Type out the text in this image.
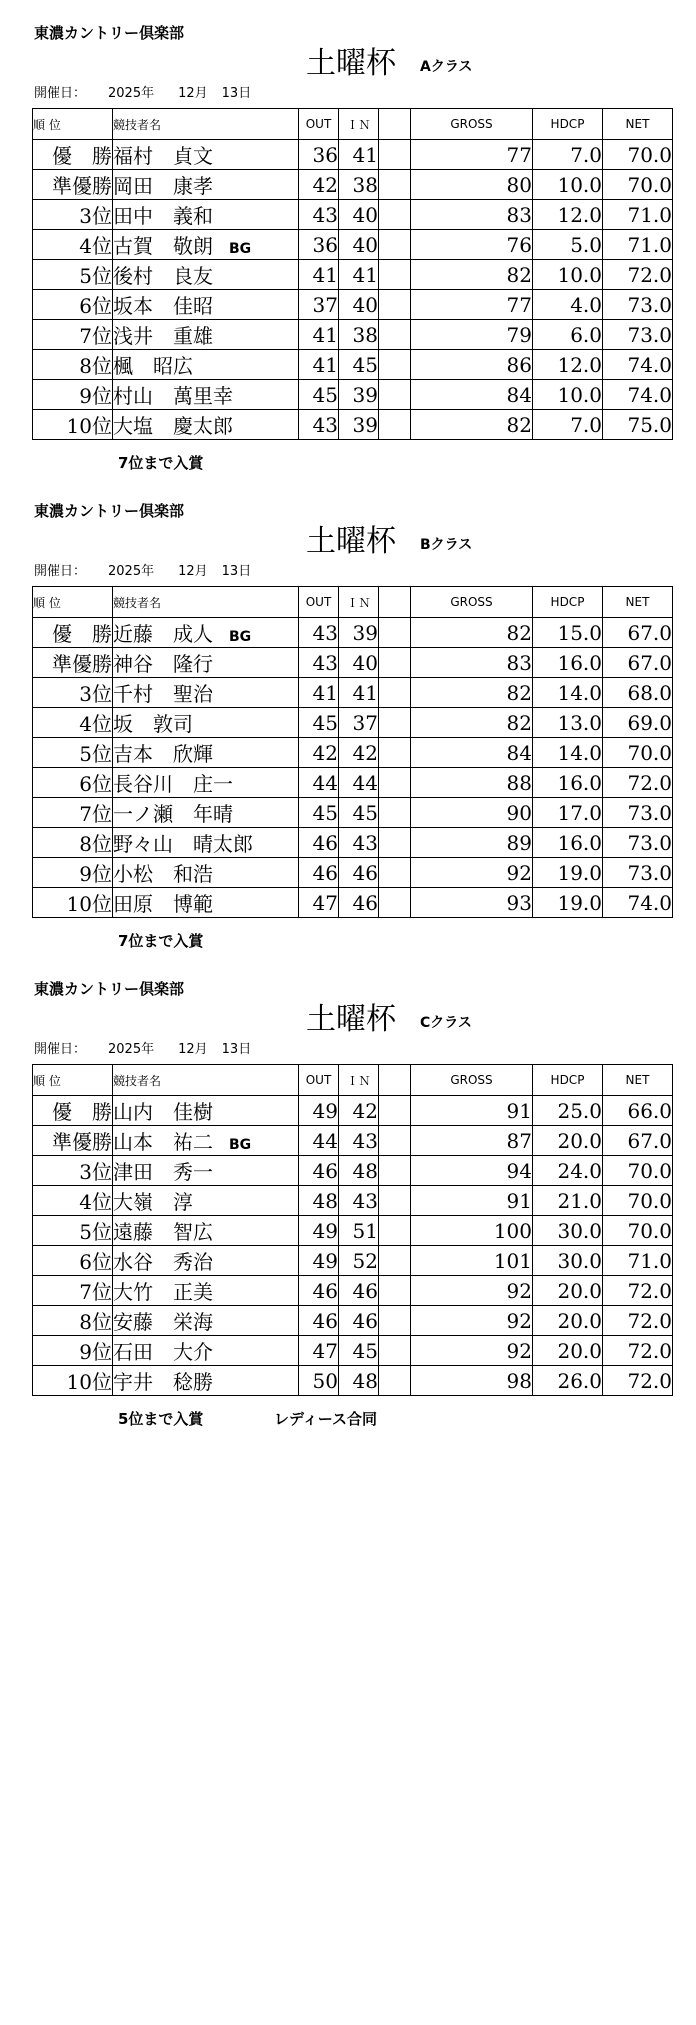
東濃カントリー倶楽部
土曜杯 Aクラス
開催日： 2025年 12月 13日
順 位	競技者名	OUT	ＩＮ		GROSS	HDCP	NET
優　勝	福村　貞文	36	41		77	7.0	70.0
準優勝	岡田　康孝	42	38		80	10.0	70.0
3位	田中　義和	43	40		83	12.0	71.0
4位	古賀　敬朗 BG	36	40		76	5.0	71.0
5位	後村　良友	41	41		82	10.0	72.0
6位	坂本　佳昭	37	40		77	4.0	73.0
7位	浅井　重雄	41	38		79	6.0	73.0
8位	楓　昭広	41	45		86	12.0	74.0
9位	村山　萬里幸	45	39		84	10.0	74.0
10位	大塩　慶太郎	43	39		82	7.0	75.0
7位まで入賞
東濃カントリー倶楽部
土曜杯 Bクラス
開催日： 2025年 12月 13日
順 位	競技者名	OUT	ＩＮ		GROSS	HDCP	NET
優　勝	近藤　成人 BG	43	39		82	15.0	67.0
準優勝	神谷　隆行	43	40		83	16.0	67.0
3位	千村　聖治	41	41		82	14.0	68.0
4位	坂　敦司	45	37		82	13.0	69.0
5位	吉本　欣輝	42	42		84	14.0	70.0
6位	長谷川　庄一	44	44		88	16.0	72.0
7位	一ノ瀬　年晴	45	45		90	17.0	73.0
8位	野々山　晴太郎	46	43		89	16.0	73.0
9位	小松　和浩	46	46		92	19.0	73.0
10位	田原　博範	47	46		93	19.0	74.0
7位まで入賞
東濃カントリー倶楽部
土曜杯 Cクラス
開催日： 2025年 12月 13日
順 位	競技者名	OUT	ＩＮ		GROSS	HDCP	NET
優　勝	山内　佳樹	49	42		91	25.0	66.0
準優勝	山本　祐二 BG	44	43		87	20.0	67.0
3位	津田　秀一	46	48		94	24.0	70.0
4位	大嶺　淳	48	43		91	21.0	70.0
5位	遠藤　智広	49	51		100	30.0	70.0
6位	水谷　秀治	49	52		101	30.0	71.0
7位	大竹　正美	46	46		92	20.0	72.0
8位	安藤　栄海	46	46		92	20.0	72.0
9位	石田　大介	47	45		92	20.0	72.0
10位	宇井　稔勝	50	48		98	26.0	72.0
5位まで入賞	レディース合同
